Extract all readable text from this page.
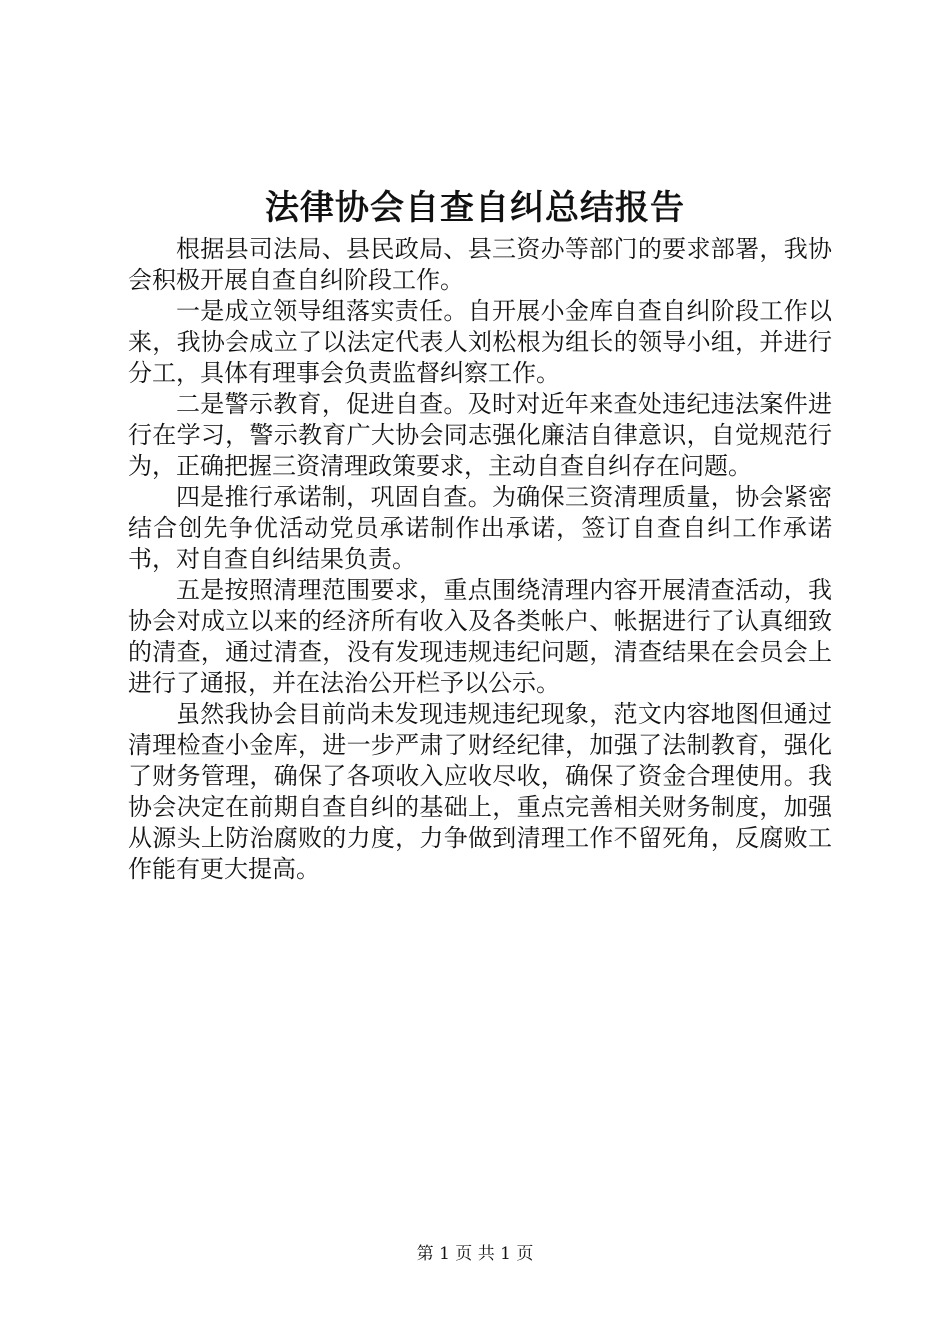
法律协会自查自纠总结报告

根据县司法局、县民政局、县三资办等部门的要求部署，我协会积极开展自查自纠阶段工作。

一是成立领导组落实责任。自开展小金库自查自纠阶段工作以来，我协会成立了以法定代表人刘松根为组长的领导小组，并进行分工，具体有理事会负责监督纠察工作。

二是警示教育，促进自查。及时对近年来查处违纪违法案件进行在学习，警示教育广大协会同志强化廉洁自律意识，自觉规范行为，正确把握三资清理政策要求，主动自查自纠存在问题。

四是推行承诺制，巩固自查。为确保三资清理质量，协会紧密结合创先争优活动党员承诺制作出承诺，签订自查自纠工作承诺书，对自查自纠结果负责。

五是按照清理范围要求，重点围绕清理内容开展清查活动，我协会对成立以来的经济所有收入及各类帐户、帐据进行了认真细致的清查，通过清查，没有发现违规违纪问题，清查结果在会员会上进行了通报，并在法治公开栏予以公示。

虽然我协会目前尚未发现违规违纪现象，范文内容地图但通过清理检查小金库，进一步严肃了财经纪律，加强了法制教育，强化了财务管理，确保了各项收入应收尽收，确保了资金合理使用。我协会决定在前期自查自纠的基础上，重点完善相关财务制度，加强从源头上防治腐败的力度，力争做到清理工作不留死角，反腐败工作能有更大提高。

第 1 页 共 1 页
